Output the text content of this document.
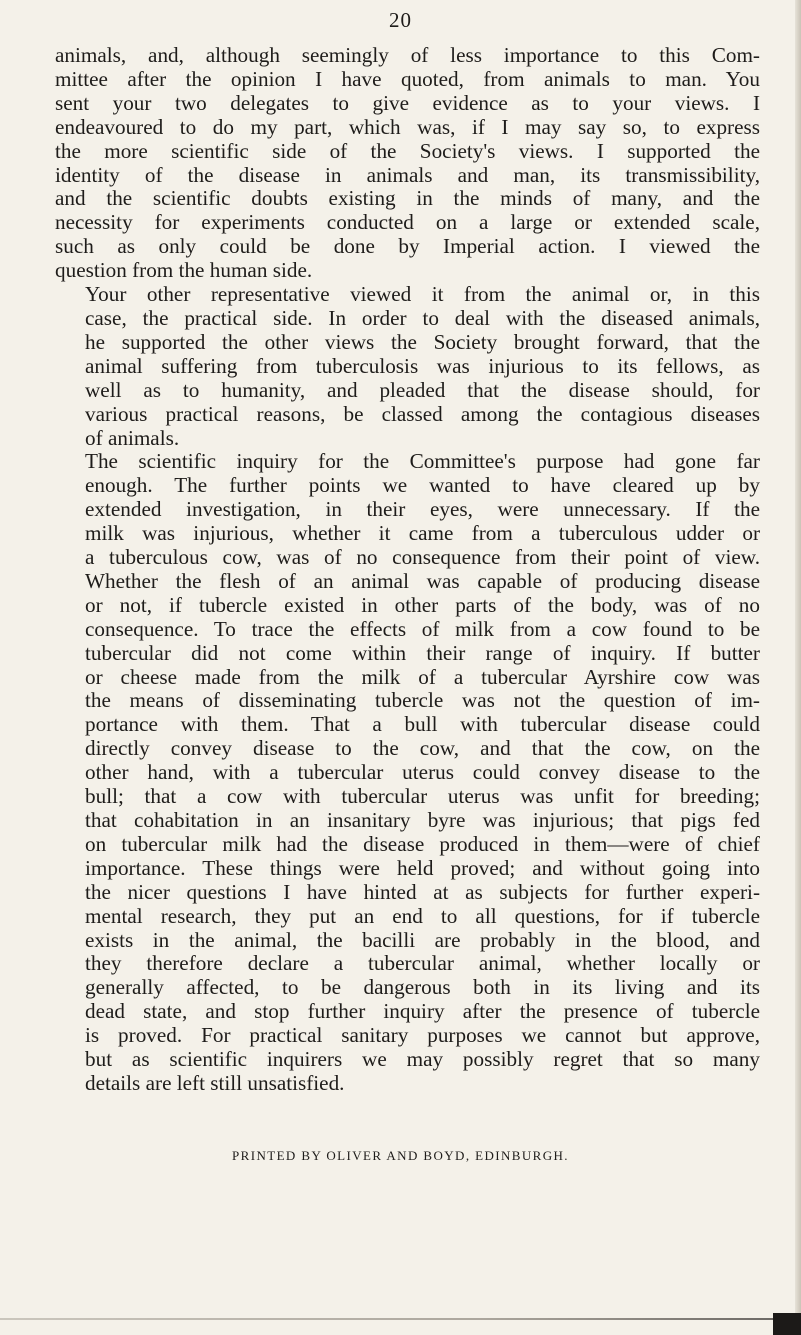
20

animals, and, although seemingly of less importance to this Com-
mittee after the opinion I have quoted, from animals to man. You
sent your two delegates to give evidence as to your views. I
endeavoured to do my part, which was, if I may say so, to express
the more scientific side of the Society's views. I supported the
identity of the disease in animals and man, its transmissibility,
and the scientific doubts existing in the minds of many, and the
necessity for experiments conducted on a large or extended scale,
such as only could be done by Imperial action. I viewed the
question from the human side.

Your other representative viewed it from the animal or, in this
case, the practical side. In order to deal with the diseased animals,
he supported the other views the Society brought forward, that the
animal suffering from tuberculosis was injurious to its fellows, as
well as to humanity, and pleaded that the disease should, for
various practical reasons, be classed among the contagious diseases
of animals.

The scientific inquiry for the Committee's purpose had gone far
enough. The further points we wanted to have cleared up by
extended investigation, in their eyes, were unnecessary. If the
milk was injurious, whether it came from a tuberculous udder or
a tuberculous cow, was of no consequence from their point of view.
Whether the flesh of an animal was capable of producing disease
or not, if tubercle existed in other parts of the body, was of no
consequence. To trace the effects of milk from a cow found to be
tubercular did not come within their range of inquiry. If butter
or cheese made from the milk of a tubercular Ayrshire cow was
the means of disseminating tubercle was not the question of im-
portance with them. That a bull with tubercular disease could
directly convey disease to the cow, and that the cow, on the
other hand, with a tubercular uterus could convey disease to the
bull; that a cow with tubercular uterus was unfit for breeding;
that cohabitation in an insanitary byre was injurious; that pigs fed
on tubercular milk had the disease produced in them—were of chief
importance. These things were held proved; and without going into
the nicer questions I have hinted at as subjects for further experi-
mental research, they put an end to all questions, for if tubercle
exists in the animal, the bacilli are probably in the blood, and
they therefore declare a tubercular animal, whether locally or
generally affected, to be dangerous both in its living and its
dead state, and stop further inquiry after the presence of tubercle
is proved. For practical sanitary purposes we cannot but approve,
but as scientific inquirers we may possibly regret that so many
details are left still unsatisfied.

PRINTED BY OLIVER AND BOYD, EDINBURGH.
